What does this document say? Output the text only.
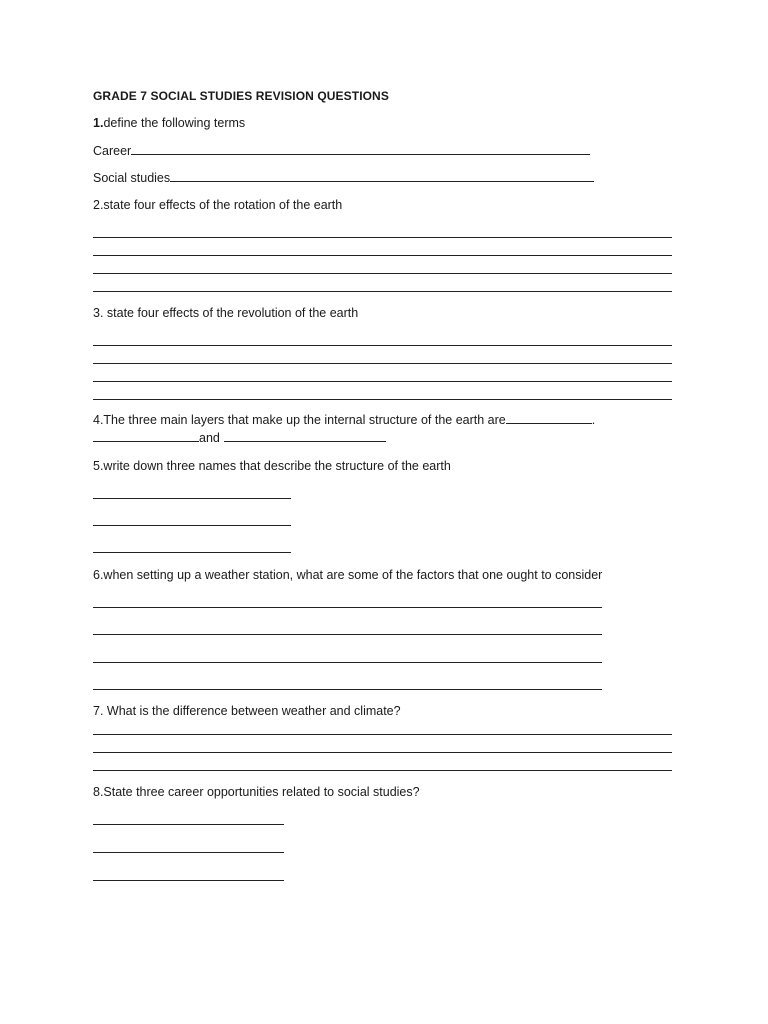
GRADE 7 SOCIAL STUDIES REVISION QUESTIONS
1.define the following terms
Career
Social studies
2.state four effects of the rotation of the earth
3. state four effects of the revolution of the earth
4.The three main layers that make up the internal structure of the earth are	.
and
5.write down three names that describe the structure of the earth
6.when setting up a weather station, what are some of the factors that one ought to consider
7. What is the difference between weather and climate?
8.State three career opportunities related to social studies?
